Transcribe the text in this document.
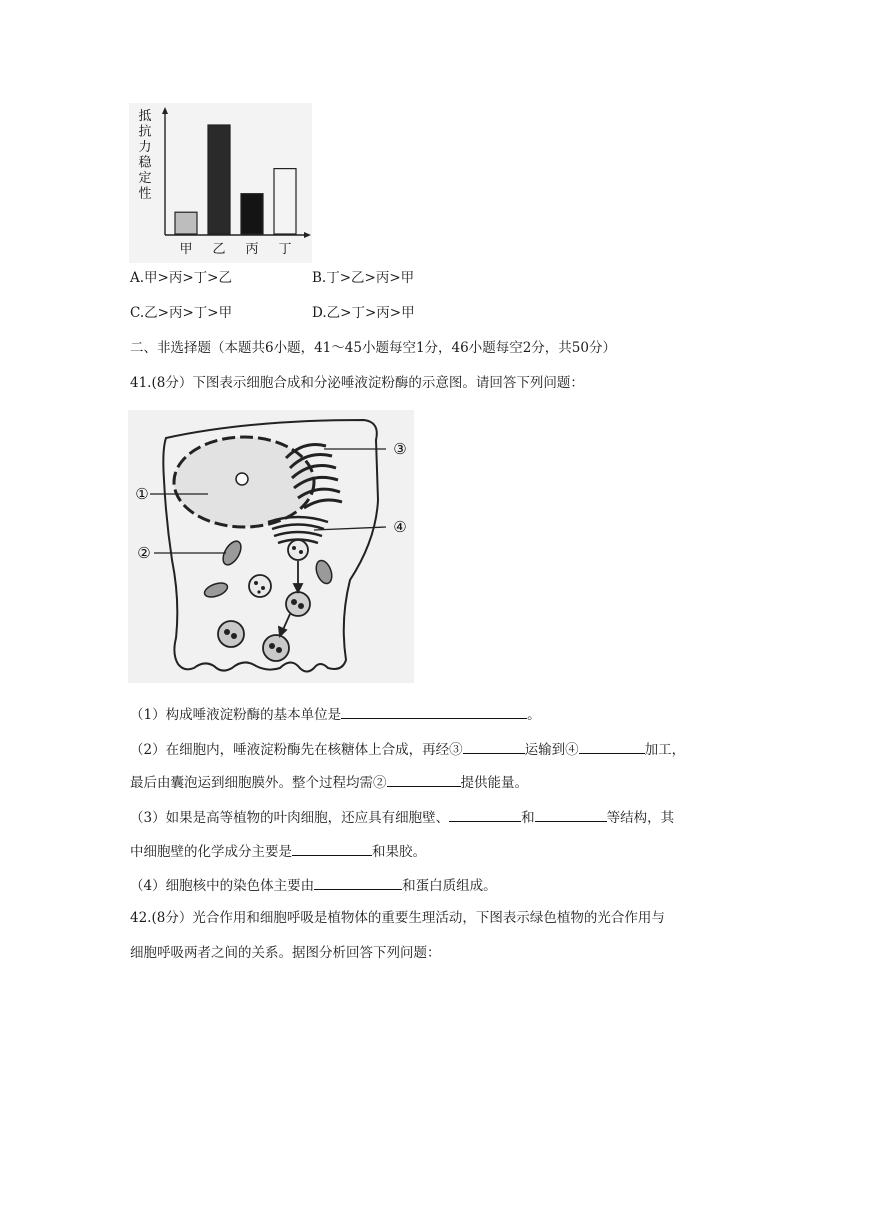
抵
抗
力
稳
定
性
甲 乙 丙 丁
A.甲>丙>丁>乙	B.丁>乙>丙>甲
C.乙>丙>丁>甲	D.乙>丁>丙>甲
二、非选择题（本题共6小题，41～45小题每空1分，46小题每空2分，共50分）
41.(8分）下图表示细胞合成和分泌唾液淀粉酶的示意图。请回答下列问题：
①
②
③
④
（1）构成唾液淀粉酶的基本单位是	。
（2）在细胞内，唾液淀粉酶先在核糖体上合成，再经③	运输到④	加工，
最后由囊泡运到细胞膜外。整个过程均需②	提供能量。
（3）如果是高等植物的叶肉细胞，还应具有细胞壁、	和	等结构，其
中细胞壁的化学成分主要是	和果胶。
（4）细胞核中的染色体主要由	和蛋白质组成。
42.(8分）光合作用和细胞呼吸是植物体的重要生理活动，下图表示绿色植物的光合作用与
细胞呼吸两者之间的关系。据图分析回答下列问题：
